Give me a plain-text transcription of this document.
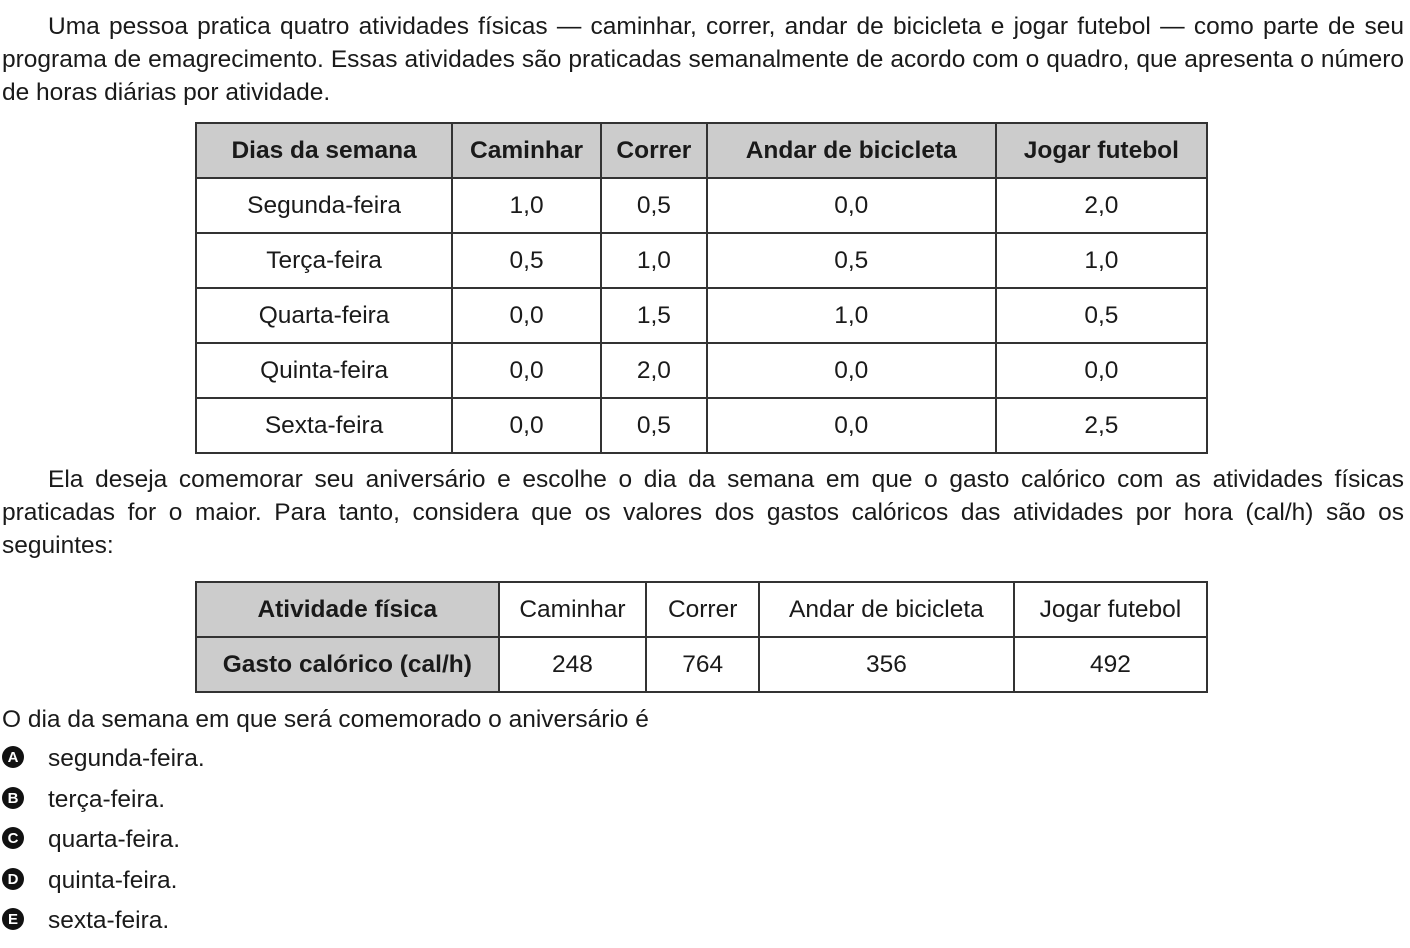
Uma pessoa pratica quatro atividades físicas — caminhar, correr, andar de bicicleta e jogar futebol — como parte de seu programa de emagrecimento. Essas atividades são praticadas semanalmente de acordo com o quadro, que apresenta o número de horas diárias por atividade.

Dias da semana	Caminhar	Correr	Andar de bicicleta	Jogar futebol
Segunda-feira	1,0	0,5	0,0	2,0
Terça-feira	0,5	1,0	0,5	1,0
Quarta-feira	0,0	1,5	1,0	0,5
Quinta-feira	0,0	2,0	0,0	0,0
Sexta-feira	0,0	0,5	0,0	2,5

Ela deseja comemorar seu aniversário e escolhe o dia da semana em que o gasto calórico com as atividades físicas praticadas for o maior. Para tanto, considera que os valores dos gastos calóricos das atividades por hora (cal/h) são os seguintes:

Atividade física	Caminhar	Correr	Andar de bicicleta	Jogar futebol
Gasto calórico (cal/h)	248	764	356	492

O dia da semana em que será comemorado o aniversário é

A segunda-feira.
B terça-feira.
C quarta-feira.
D quinta-feira.
E sexta-feira.
